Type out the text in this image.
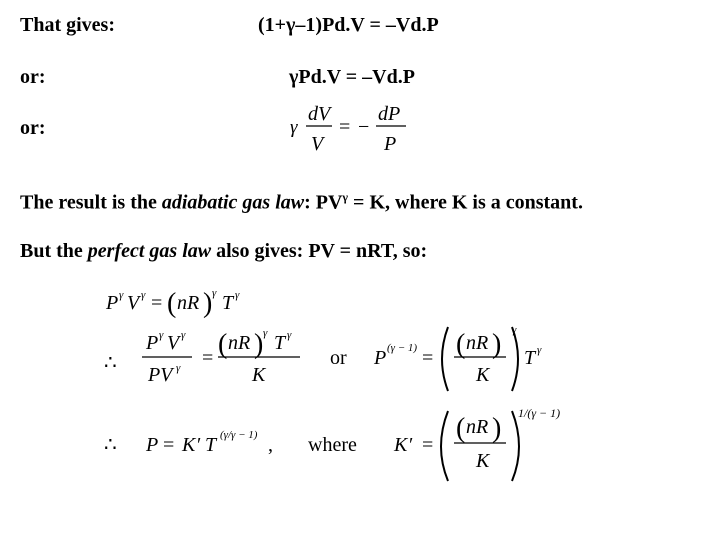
That gives:	(1+γ–1)Pd.V = –Vd.P
or:	γPd.V = –Vd.P
or:	γ
dV
V
= −
dP
P
The result is the adiabatic gas law: $PV^\gamma = K$, where K is a constant.
But the perfect gas law also gives: PV = nRT, so:
P γ V γ = ( nR ) γ T γ
∴
P γ V γ
PV γ = ( nR ) γ T γ
K
or P (γ − 1) = ( nR )
K
γ
T γ
∴ P = K ′ T (γ/γ − 1) , where K ′ =
( nR )
K
1/(γ − 1)
